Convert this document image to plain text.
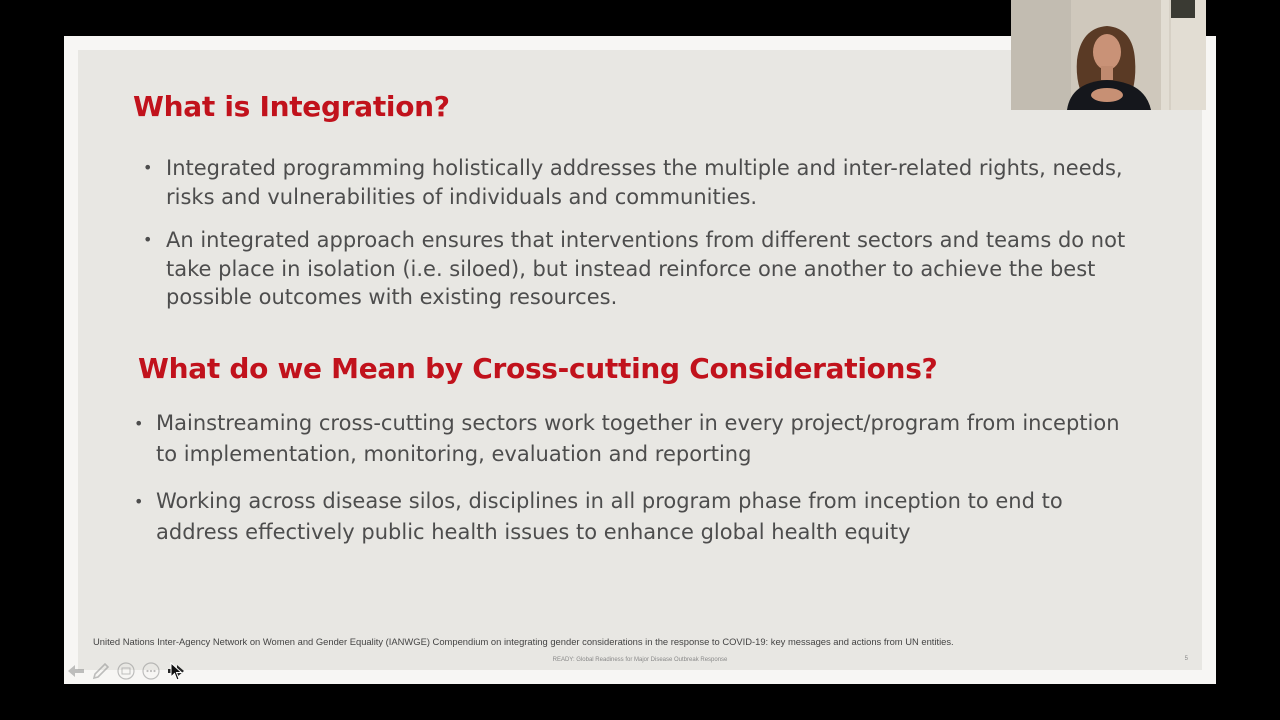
What is Integration?
• Integrated programming holistically addresses the multiple and inter-related rights, needs, risks and vulnerabilities of individuals and communities.
• An integrated approach ensures that interventions from different sectors and teams do not take place in isolation (i.e. siloed), but instead reinforce one another to achieve the best possible outcomes with existing resources.
What do we Mean by Cross-cutting Considerations?
• Mainstreaming cross-cutting sectors work together in every project/program from inception to implementation, monitoring, evaluation and reporting
• Working across disease silos, disciplines in all program phase from inception to end to address effectively public health issues to enhance global health equity
United Nations Inter-Agency Network on Women and Gender Equality (IANWGE) Compendium on integrating gender considerations in the response to COVID-19: key messages and actions from UN entities.
READY: Global Readiness for Major Disease Outbreak Response	5
